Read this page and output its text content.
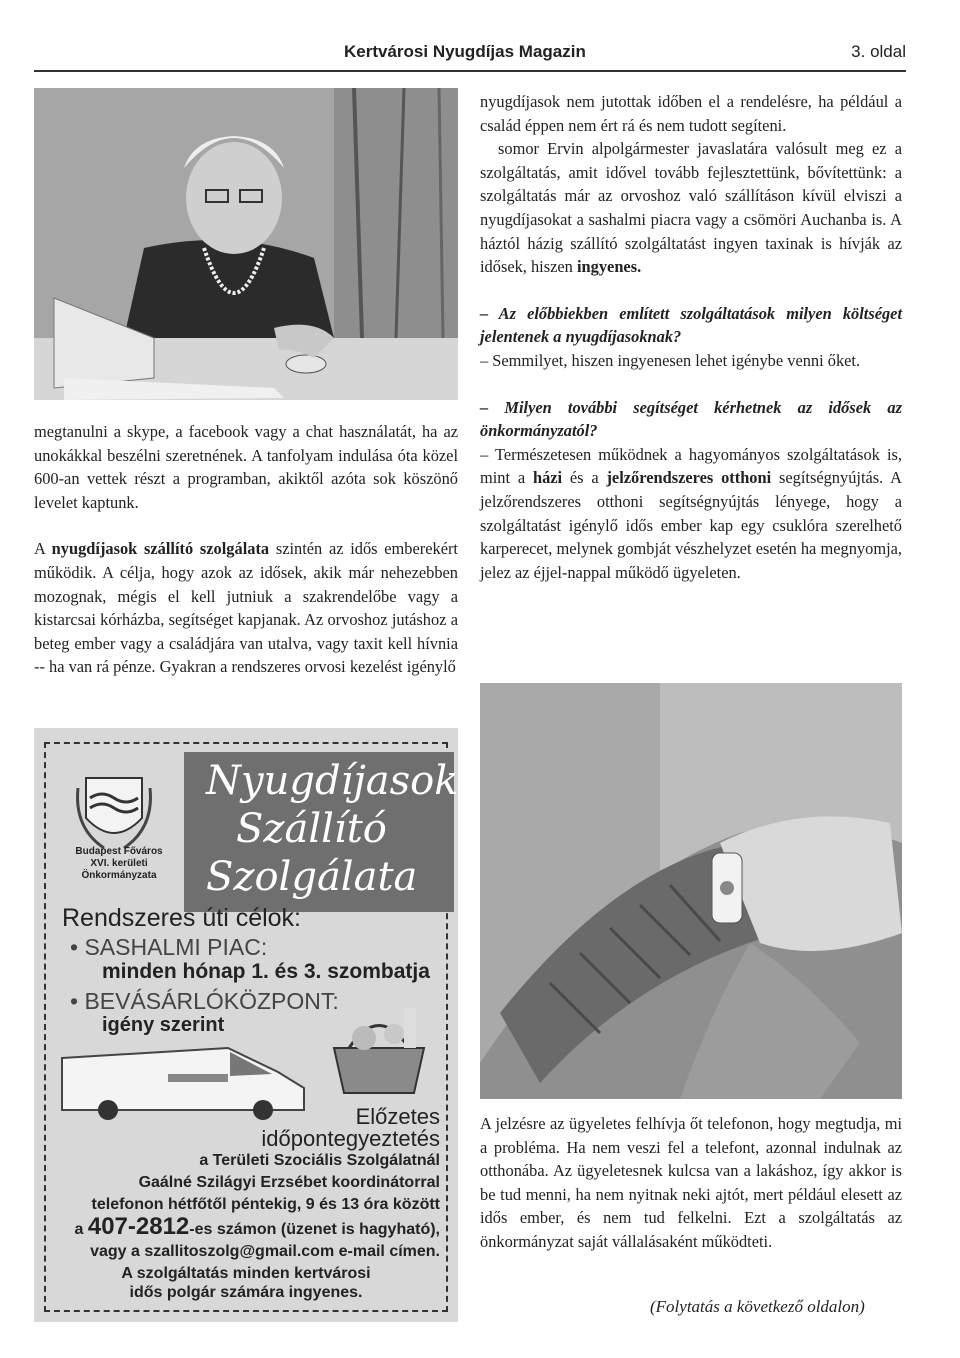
Kertvárosi Nyugdíjas Magazin	3. oldal

megtanulni a skype, a facebook vagy a chat használatát, ha az unokákkal beszélni szeretnének. A tanfolyam indulása óta közel 600-an vettek részt a programban, akiktől azóta sok köszönő levelet kaptunk.

A nyugdíjasok szállító szolgálata szintén az idős emberekért működik. A célja, hogy azok az idősek, akik már nehezebben mozognak, mégis el kell jutniuk a szakrendelőbe vagy a kistarcsai kórházba, segítséget kapjanak. Az orvoshoz jutáshoz a beteg ember vagy a családjára van utalva, vagy taxit kell hívnia -- ha van rá pénze. Gyakran a rendszeres orvosi kezelést igénylő

nyugdíjasok nem jutottak időben el a rendelésre, ha például a család éppen nem ért rá és nem tudott segíteni.

somor Ervin alpolgármester javaslatára valósult meg ez a szolgáltatás, amit idővel tovább fejlesztettünk, bővítettünk: a szolgáltatás már az orvoshoz való szállításon kívül elviszi a nyugdíjasokat a sashalmi piacra vagy a csömöri Auchanba is. A háztól házig szállító szolgáltatást ingyen taxinak is hívják az idősek, hiszen ingyenes.

– Az előbbiekben említett szolgáltatások milyen költséget jelentenek a nyugdíjasoknak?

– Semmilyet, hiszen ingyenesen lehet igénybe venni őket.

– Milyen további segítséget kérhetnek az idősek az önkormányzatól?

– Természetesen működnek a hagyományos szolgáltatások is, mint a házi és a jelzőrendszeres otthoni segítségnyújtás. A jelzőrendszeres otthoni segítségnyújtás lényege, hogy a szolgáltatást igénylő idős ember kap egy csuklóra szerelhető karperecet, melynek gombját vészhelyzet esetén ha megnyomja, jelez az éjjel-nappal működő ügyeleten.

A jelzésre az ügyeletes felhívja őt telefonon, hogy megtudja, mi a probléma. Ha nem veszi fel a telefont, azonnal indulnak az otthonába. Az ügyeletesnek kulcsa van a lakáshoz, így akkor is be tud menni, ha nem nyitnak neki ajtót, mert például elesett az idős ember, és nem tud felkelni. Ezt a szolgáltatás az önkormányzat saját vállalásaként működteti.

(Folytatás a következő oldalon)
Nyugdíjasok
Szállító
Szolgálata
Budapest Főváros
XVI. kerületi
Önkormányzata
Rendszeres úti célok:
• SASHALMI PIAC:
minden hónap 1. és 3. szombatja
• BEVÁSÁRLÓKÖZPONT:
igény szerint
Előzetes
időpontegyeztetés
a Területi Szociális Szolgálatnál
Gaálné Szilágyi Erzsébet koordinátorral
telefonon hétfőtől péntekig, 9 és 13 óra között
a 407-2812-es számon (üzenet is hagyható),
vagy a szallitoszolg@gmail.com e-mail címen.
A szolgáltatás minden kertvárosi
idős polgár számára ingyenes.
